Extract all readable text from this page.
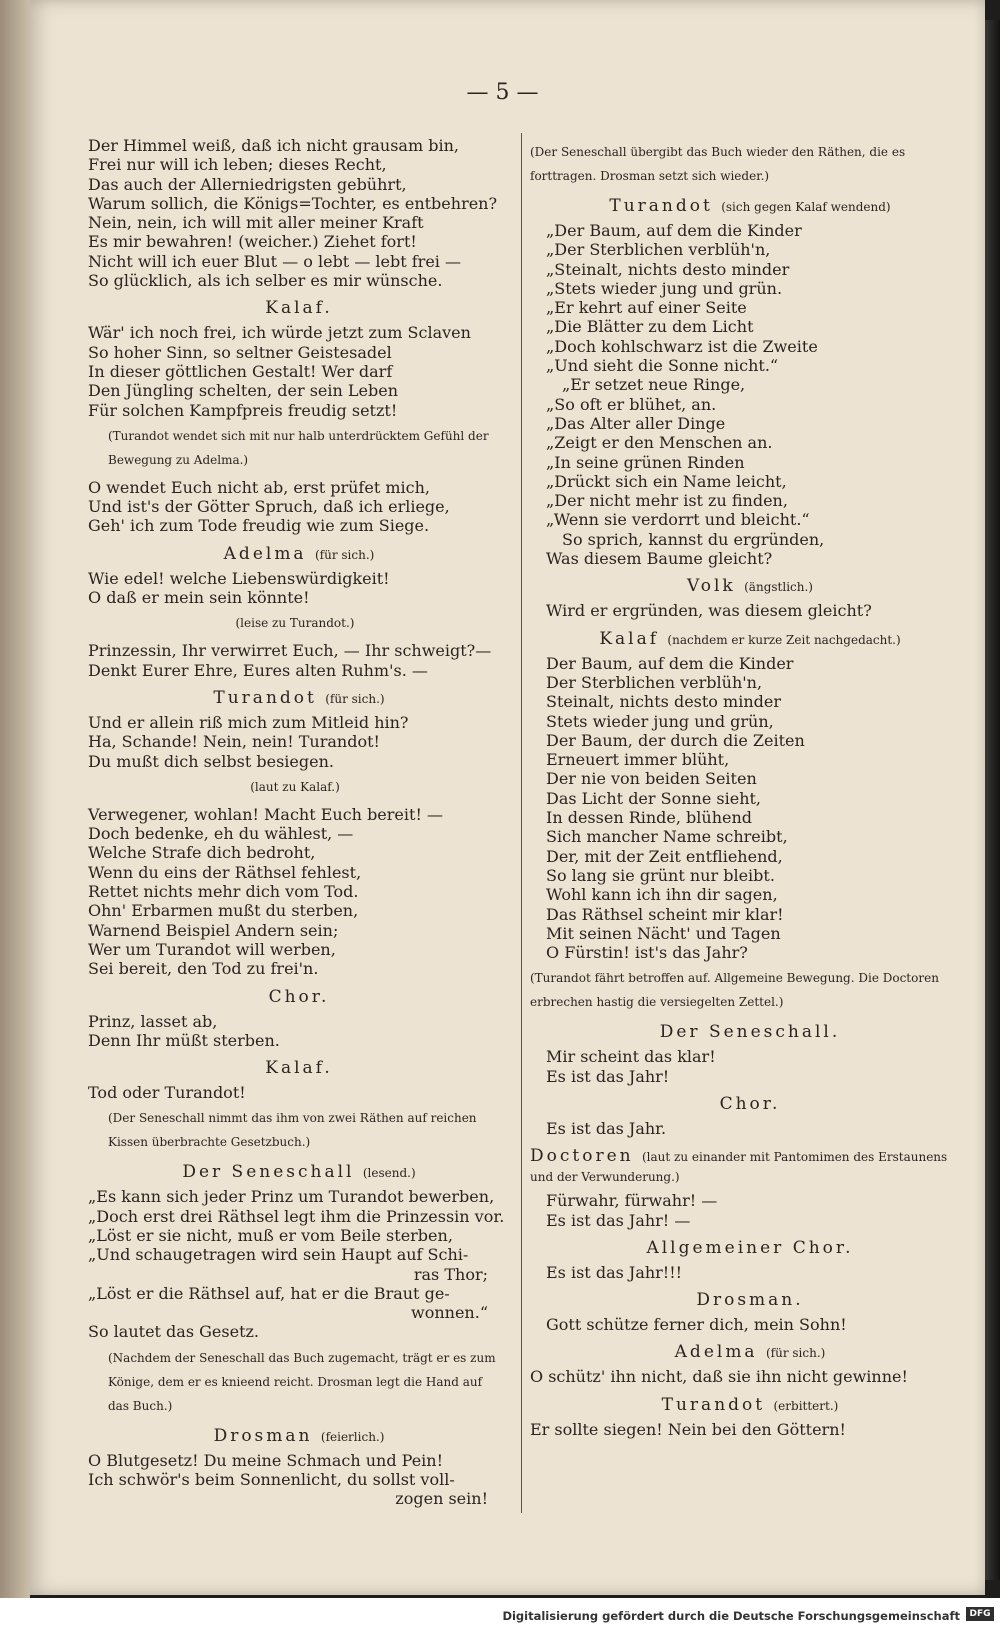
— 5 —
Der Himmel weiß, daß ich nicht grausam bin,
Frei nur will ich leben; dieses Recht,
Das auch der Allerniedrigsten gebührt,
Warum sollich, die Königs=Tochter, es entbehren?
Nein, nein, ich will mit aller meiner Kraft
Es mir bewahren! (weicher.) Ziehet fort!
Nicht will ich euer Blut — o lebt — lebt frei —
So glücklich, als ich selber es mir wünsche.
Kalaf.
Wär' ich noch frei, ich würde jetzt zum Sclaven
So hoher Sinn, so seltner Geistesadel
In dieser göttlichen Gestalt! Wer darf
Den Jüngling schelten, der sein Leben
Für solchen Kampfpreis freudig setzt!
(Turandot wendet sich mit nur halb unterdrücktem Gefühl der Bewegung zu Adelma.)
O wendet Euch nicht ab, erst prüfet mich,
Und ist's der Götter Spruch, daß ich erliege,
Geh' ich zum Tode freudig wie zum Siege.
Adelma (für sich.)
Wie edel! welche Liebenswürdigkeit!
O daß er mein sein könnte!
(leise zu Turandot.)
Prinzessin, Ihr verwirret Euch, — Ihr schweigt?—
Denkt Eurer Ehre, Eures alten Ruhm's. —
Turandot (für sich.)
Und er allein riß mich zum Mitleid hin?
Ha, Schande! Nein, nein! Turandot!
Du mußt dich selbst besiegen.
(laut zu Kalaf.)
Verwegener, wohlan! Macht Euch bereit! —
Doch bedenke, eh du wählest, —
Welche Strafe dich bedroht,
Wenn du eins der Räthsel fehlest,
Rettet nichts mehr dich vom Tod.
Ohn' Erbarmen mußt du sterben,
Warnend Beispiel Andern sein;
Wer um Turandot will werben,
Sei bereit, den Tod zu frei'n.
Chor.
Prinz, lasset ab,
Denn Ihr müßt sterben.
Kalaf.
Tod oder Turandot!
(Der Seneschall nimmt das ihm von zwei Räthen auf reichen Kissen überbrachte Gesetzbuch.)
Der Seneschall (lesend.)
„Es kann sich jeder Prinz um Turandot bewerben,
„Doch erst drei Räthsel legt ihm die Prinzessin vor.
„Löst er sie nicht, muß er vom Beile sterben,
„Und schaugetragen wird sein Haupt auf Schi-
ras Thor;
„Löst er die Räthsel auf, hat er die Braut ge-
wonnen.“
So lautet das Gesetz.
(Nachdem der Seneschall das Buch zugemacht, trägt er es zum Könige, dem er es knieend reicht. Drosman legt die Hand auf das Buch.)
Drosman (feierlich.)
O Blutgesetz! Du meine Schmach und Pein!
Ich schwör's beim Sonnenlicht, du sollst voll-
zogen sein!
(Der Seneschall übergibt das Buch wieder den Räthen, die es forttragen. Drosman setzt sich wieder.)
Turandot (sich gegen Kalaf wendend)
„Der Baum, auf dem die Kinder
„Der Sterblichen verblüh'n,
„Steinalt, nichts desto minder
„Stets wieder jung und grün.
„Er kehrt auf einer Seite
„Die Blätter zu dem Licht
„Doch kohlschwarz ist die Zweite
„Und sieht die Sonne nicht.“
„Er setzet neue Ringe,
„So oft er blühet, an.
„Das Alter aller Dinge
„Zeigt er den Menschen an.
„In seine grünen Rinden
„Drückt sich ein Name leicht,
„Der nicht mehr ist zu finden,
„Wenn sie verdorrt und bleicht.“
So sprich, kannst du ergründen,
Was diesem Baume gleicht?
Volk (ängstlich.)
Wird er ergründen, was diesem gleicht?
Kalaf (nachdem er kurze Zeit nachgedacht.)
Der Baum, auf dem die Kinder
Der Sterblichen verblüh'n,
Steinalt, nichts desto minder
Stets wieder jung und grün,
Der Baum, der durch die Zeiten
Erneuert immer blüht,
Der nie von beiden Seiten
Das Licht der Sonne sieht,
In dessen Rinde, blühend
Sich mancher Name schreibt,
Der, mit der Zeit entfliehend,
So lang sie grünt nur bleibt.
Wohl kann ich ihn dir sagen,
Das Räthsel scheint mir klar!
Mit seinen Nächt' und Tagen
O Fürstin! ist's das Jahr?
(Turandot fährt betroffen auf. Allgemeine Bewegung. Die Doctoren erbrechen hastig die versiegelten Zettel.)
Der Seneschall.
Mir scheint das klar!
Es ist das Jahr!
Chor.
Es ist das Jahr.
Doctoren (laut zu einander mit Pantomimen des Erstaunens und der Verwunderung.)
Fürwahr, fürwahr! —
Es ist das Jahr! —
Allgemeiner Chor.
Es ist das Jahr!!!
Drosman.
Gott schütze ferner dich, mein Sohn!
Adelma (für sich.)
O schütz' ihn nicht, daß sie ihn nicht gewinne!
Turandot (erbittert.)
Er sollte siegen! Nein bei den Göttern!
Digitalisierung gefördert durch die Deutsche Forschungsgemeinschaft	DFG
